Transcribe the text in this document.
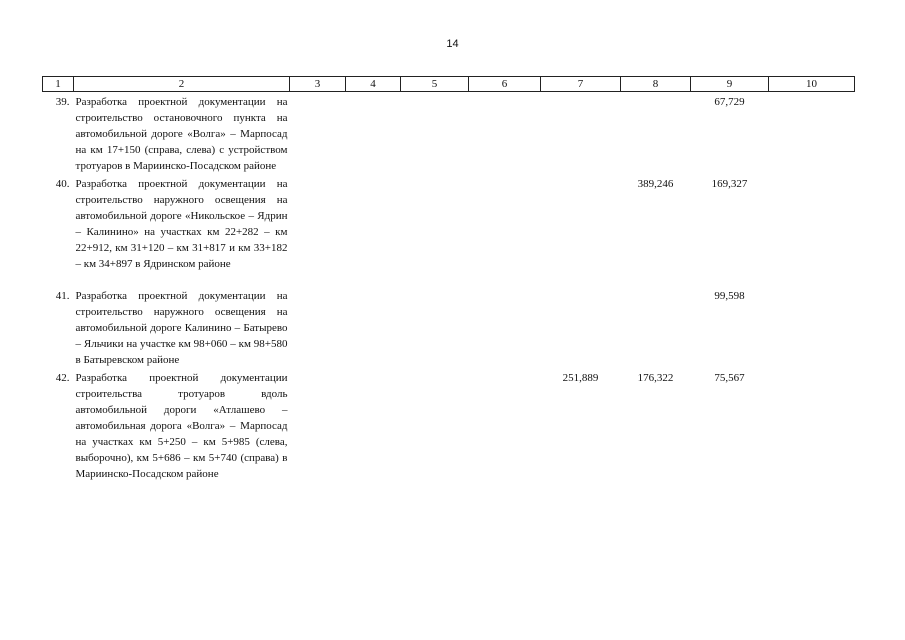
14
1	2	3	4	5	6	7	8	9	10
39.	Разработка проектной документации на строительство остановочного пункта на автомобильной дороге «Волга» – Марпосад на км 17+150 (справа, слева) с устройством тротуаров в Мариинско-Посадском районе							67,729	
40.	Разработка проектной документации на строительство наружного освещения на автомобильной дороге «Никольское – Ядрин – Калинино» на участках км 22+282 – км 22+912, км 31+120 – км 31+817 и км 33+182 – км 34+897 в Ядринском районе						389,246	169,327	

41.	Разработка проектной документации на строительство наружного освещения на автомобильной дороге Калинино – Батырево – Яльчики на участке км 98+060 – км 98+580 в Батыревском районе							99,598	
42.	Разработка проектной документации строительства тротуаров вдоль автомобильной дороги «Атлашево – автомобильная дорога «Волга» – Марпосад на участках км 5+250 – км 5+985 (слева, выборочно), км 5+686 – км 5+740 (справа) в Мариинско-Посадском районе					251,889	176,322	75,567	
